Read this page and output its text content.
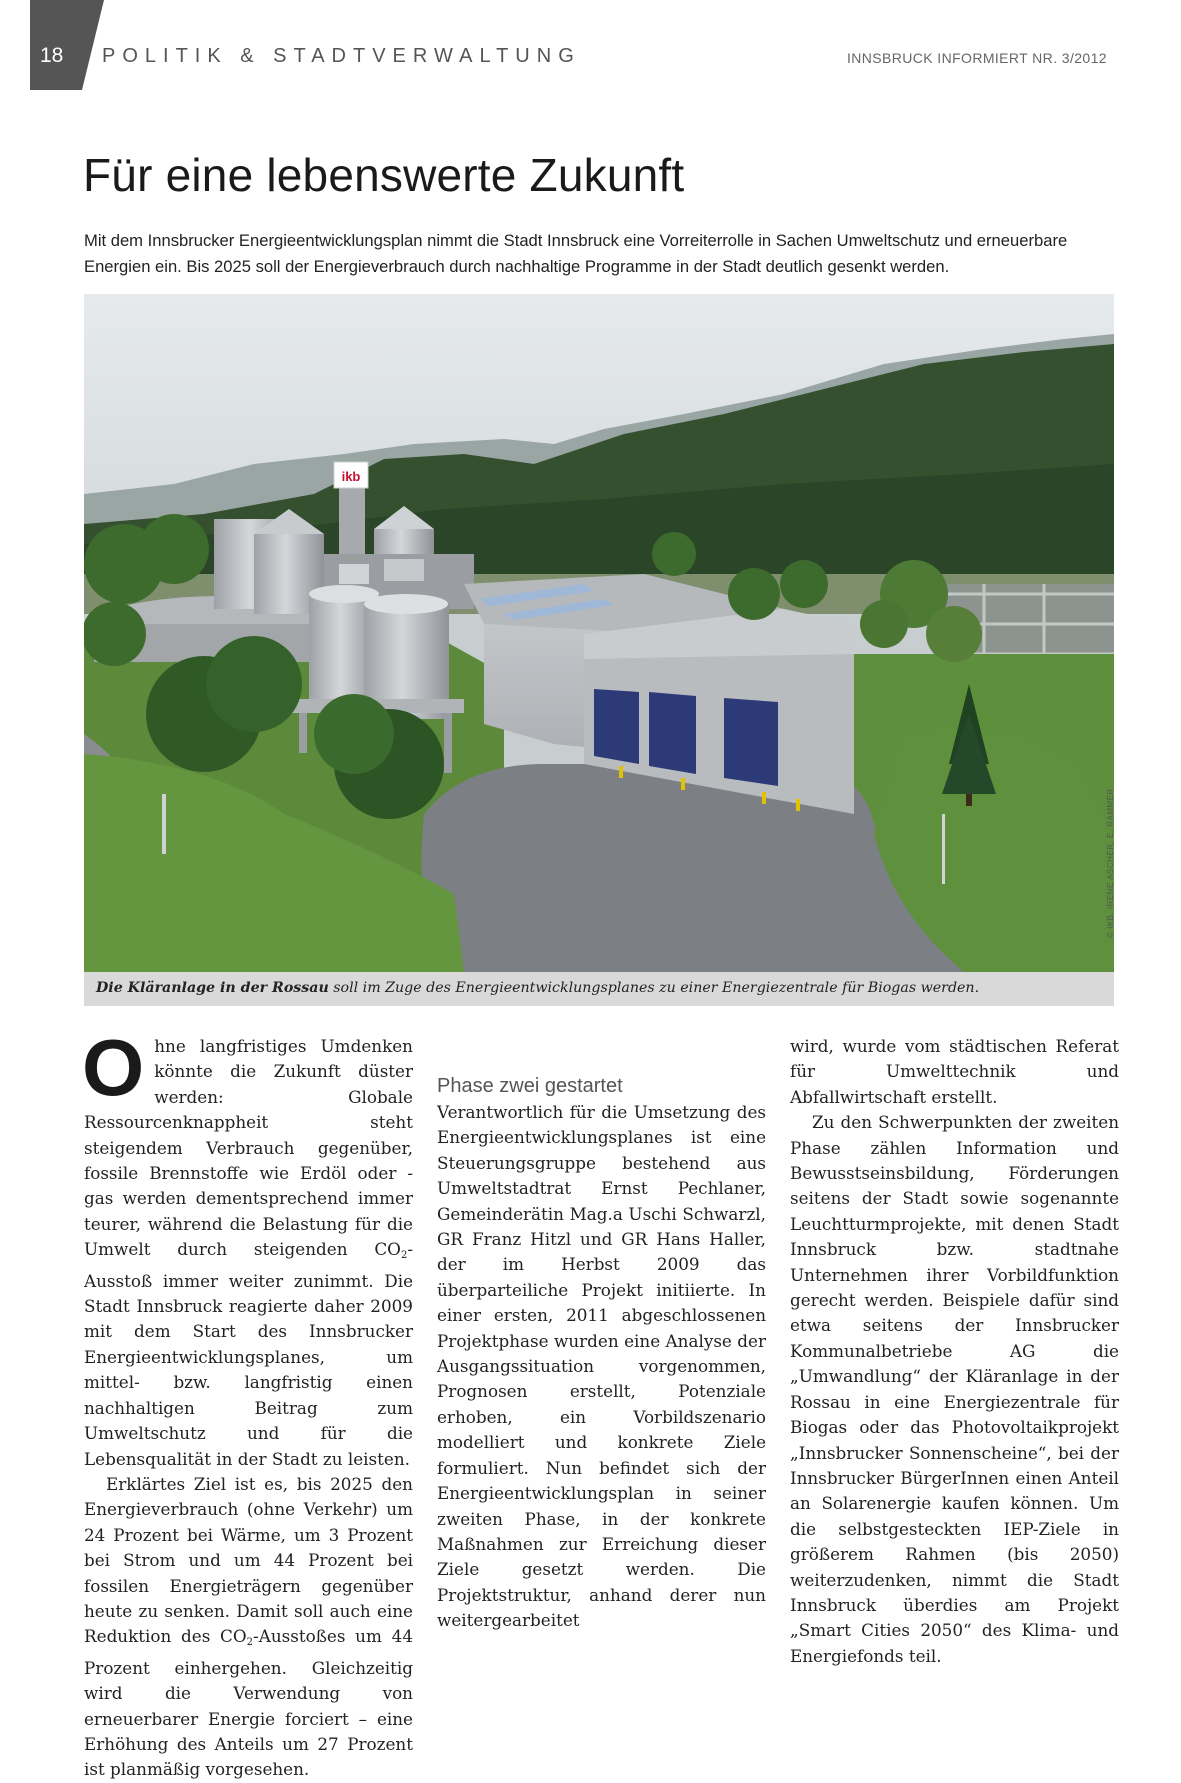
18 POLITIK & STADTVERWALTUNG	INNSBRUCK INFORMIERT NR. 3/2012
Für eine lebenswerte Zukunft

Mit dem Innsbrucker Energieentwicklungsplan nimmt die Stadt Innsbruck eine Vorreiterrolle in Sachen Umweltschutz und erneuerbare Energien ein. Bis 2025 soll der Energieverbrauch durch nachhaltige Programme in der Stadt deutlich gesenkt werden.

ikb
© IKB, IRENE ASCHER, E. RAMMER
Die Kläranlage in der Rossau soll im Zuge des Energieentwicklungsplanes zu einer Energiezentrale für Biogas werden.

Ohne langfristiges Umdenken könnte die Zukunft düster werden: Globale Ressourcenknappheit steht steigendem Verbrauch gegenüber, fossile Brennstoffe wie Erdöl oder -gas werden dementsprechend immer teurer, während die Belastung für die Umwelt durch steigenden $CO_2$-Ausstoß immer weiter zunimmt. Die Stadt Innsbruck reagierte daher 2009 mit dem Start des Innsbrucker Energieentwicklungsplanes, um mittel- bzw. langfristig einen nachhaltigen Beitrag zum Umweltschutz und für die Lebensqualität in der Stadt zu leisten.

Erklärtes Ziel ist es, bis 2025 den Energieverbrauch (ohne Verkehr) um 24 Prozent bei Wärme, um 3 Prozent bei Strom und um 44 Prozent bei fossilen Energieträgern gegenüber heute zu senken. Damit soll auch eine Reduktion des $CO_2$-Ausstoßes um 44 Prozent einhergehen. Gleichzeitig wird die Verwendung von erneuerbarer Energie forciert – eine Erhöhung des Anteils um 27 Prozent ist planmäßig vorgesehen.

Phase zwei gestartet

Verantwortlich für die Umsetzung des Energieentwicklungsplanes ist eine Steuerungsgruppe bestehend aus Umweltstadtrat Ernst Pechlaner, Gemeinderätin Mag.a Uschi Schwarzl, GR Franz Hitzl und GR Hans Haller, der im Herbst 2009 das überparteiliche Projekt initiierte. In einer ersten, 2011 abgeschlossenen Projektphase wurden eine Analyse der Ausgangssituation vorgenommen, Prognosen erstellt, Potenziale erhoben, ein Vorbildszenario modelliert und konkrete Ziele formuliert. Nun befindet sich der Energieentwicklungsplan in seiner zweiten Phase, in der konkrete Maßnahmen zur Erreichung dieser Ziele gesetzt werden. Die Projektstruktur, anhand derer nun weitergearbeitet

wird, wurde vom städtischen Referat für Umwelttechnik und Abfallwirtschaft erstellt.

Zu den Schwerpunkten der zweiten Phase zählen Information und Bewusstseinsbildung, Förderungen seitens der Stadt sowie sogenannte Leuchtturmprojekte, mit denen Stadt Innsbruck bzw. stadtnahe Unternehmen ihrer Vorbildfunktion gerecht werden. Beispiele dafür sind etwa seitens der Innsbrucker Kommunalbetriebe AG die „Umwandlung“ der Kläranlage in der Rossau in eine Energiezentrale für Biogas oder das Photovoltaikprojekt „Innsbrucker Sonnenscheine“, bei der Innsbrucker BürgerInnen einen Anteil an Solarenergie kaufen können. Um die selbstgesteckten IEP-Ziele in größerem Rahmen (bis 2050) weiterzudenken, nimmt die Stadt Innsbruck überdies am Projekt „Smart Cities 2050“ des Klima- und Energiefonds teil.
